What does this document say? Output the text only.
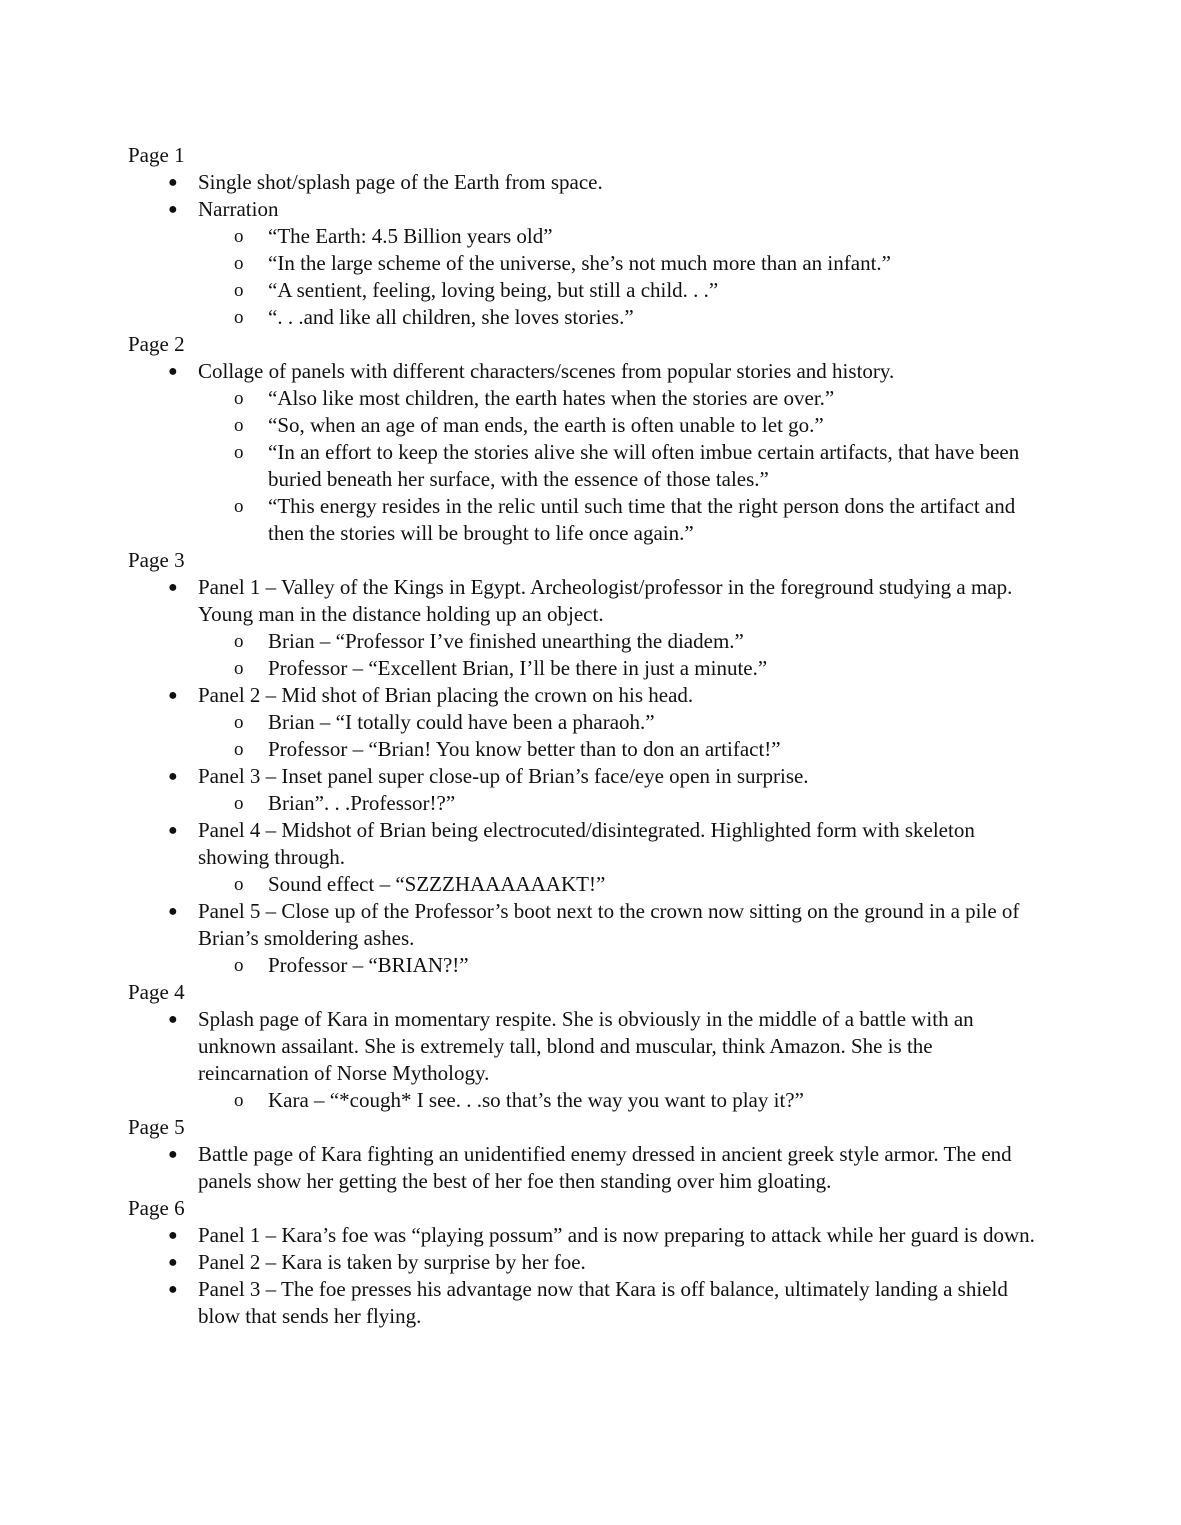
Page 1
● Single shot/splash page of the Earth from space.
● Narration
o “The Earth: 4.5 Billion years old”
o “In the large scheme of the universe, she’s not much more than an infant.”
o “A sentient, feeling, loving being, but still a child. . .”
o “. . .and like all children, she loves stories.”
Page 2
● Collage of panels with different characters/scenes from popular stories and history.
o “Also like most children, the earth hates when the stories are over.”
o “So, when an age of man ends, the earth is often unable to let go.”
o “In an effort to keep the stories alive she will often imbue certain artifacts, that have been buried beneath her surface, with the essence of those tales.”
o “This energy resides in the relic until such time that the right person dons the artifact and then the stories will be brought to life once again.”
Page 3
● Panel 1 – Valley of the Kings in Egypt. Archeologist/professor in the foreground studying a map. Young man in the distance holding up an object.
o Brian – “Professor I’ve finished unearthing the diadem.”
o Professor – “Excellent Brian, I’ll be there in just a minute.”
● Panel 2 – Mid shot of Brian placing the crown on his head.
o Brian – “I totally could have been a pharaoh.”
o Professor – “Brian! You know better than to don an artifact!”
● Panel 3 – Inset panel super close-up of Brian’s face/eye open in surprise.
o Brian”. . .Professor!?”
● Panel 4 – Midshot of Brian being electrocuted/disintegrated. Highlighted form with skeleton showing through.
o Sound effect – “SZZZHAAAAAAKT!”
● Panel 5 – Close up of the Professor’s boot next to the crown now sitting on the ground in a pile of Brian’s smoldering ashes.
o Professor – “BRIAN?!”
Page 4
● Splash page of Kara in momentary respite. She is obviously in the middle of a battle with an unknown assailant. She is extremely tall, blond and muscular, think Amazon. She is the reincarnation of Norse Mythology.
o Kara – “*cough* I see. . .so that’s the way you want to play it?”
Page 5
● Battle page of Kara fighting an unidentified enemy dressed in ancient greek style armor. The end panels show her getting the best of her foe then standing over him gloating.
Page 6
● Panel 1 – Kara’s foe was “playing possum” and is now preparing to attack while her guard is down.
● Panel 2 – Kara is taken by surprise by her foe.
● Panel 3 – The foe presses his advantage now that Kara is off balance, ultimately landing a shield blow that sends her flying.
